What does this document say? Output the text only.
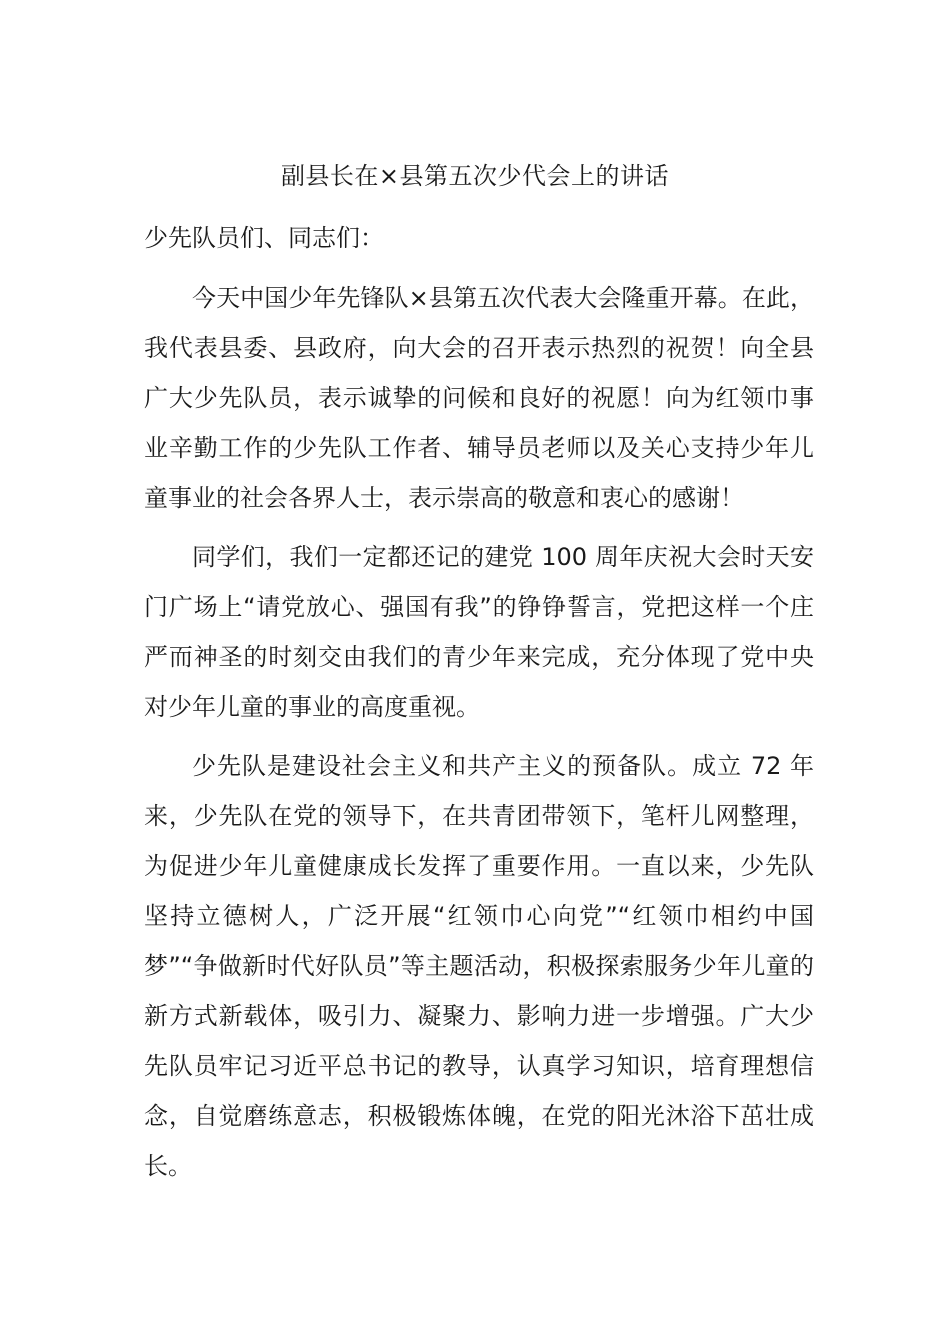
副县长在×县第五次少代会上的讲话
少先队员们、同志们：

今天中国少年先锋队×县第五次代表大会隆重开幕。在此，我代表县委、县政府，向大会的召开表示热烈的祝贺！向全县广大少先队员，表示诚挚的问候和良好的祝愿！向为红领巾事业辛勤工作的少先队工作者、辅导员老师以及关心支持少年儿童事业的社会各界人士，表示崇高的敬意和衷心的感谢！

同学们，我们一定都还记的建党 100 周年庆祝大会时天安门广场上“请党放心、强国有我”的铮铮誓言，党把这样一个庄严而神圣的时刻交由我们的青少年来完成，充分体现了党中央对少年儿童的事业的高度重视。

少先队是建设社会主义和共产主义的预备队。成立 72 年来，少先队在党的领导下，在共青团带领下，笔杆儿网整理，为促进少年儿童健康成长发挥了重要作用。一直以来，少先队坚持立德树人，广泛开展“红领巾心向党”“红领巾相约中国梦”“争做新时代好队员”等主题活动，积极探索服务少年儿童的新方式新载体，吸引力、凝聚力、影响力进一步增强。广大少先队员牢记习近平总书记的教导，认真学习知识，培育理想信念，自觉磨练意志，积极锻炼体魄，在党的阳光沐浴下茁壮成长。
